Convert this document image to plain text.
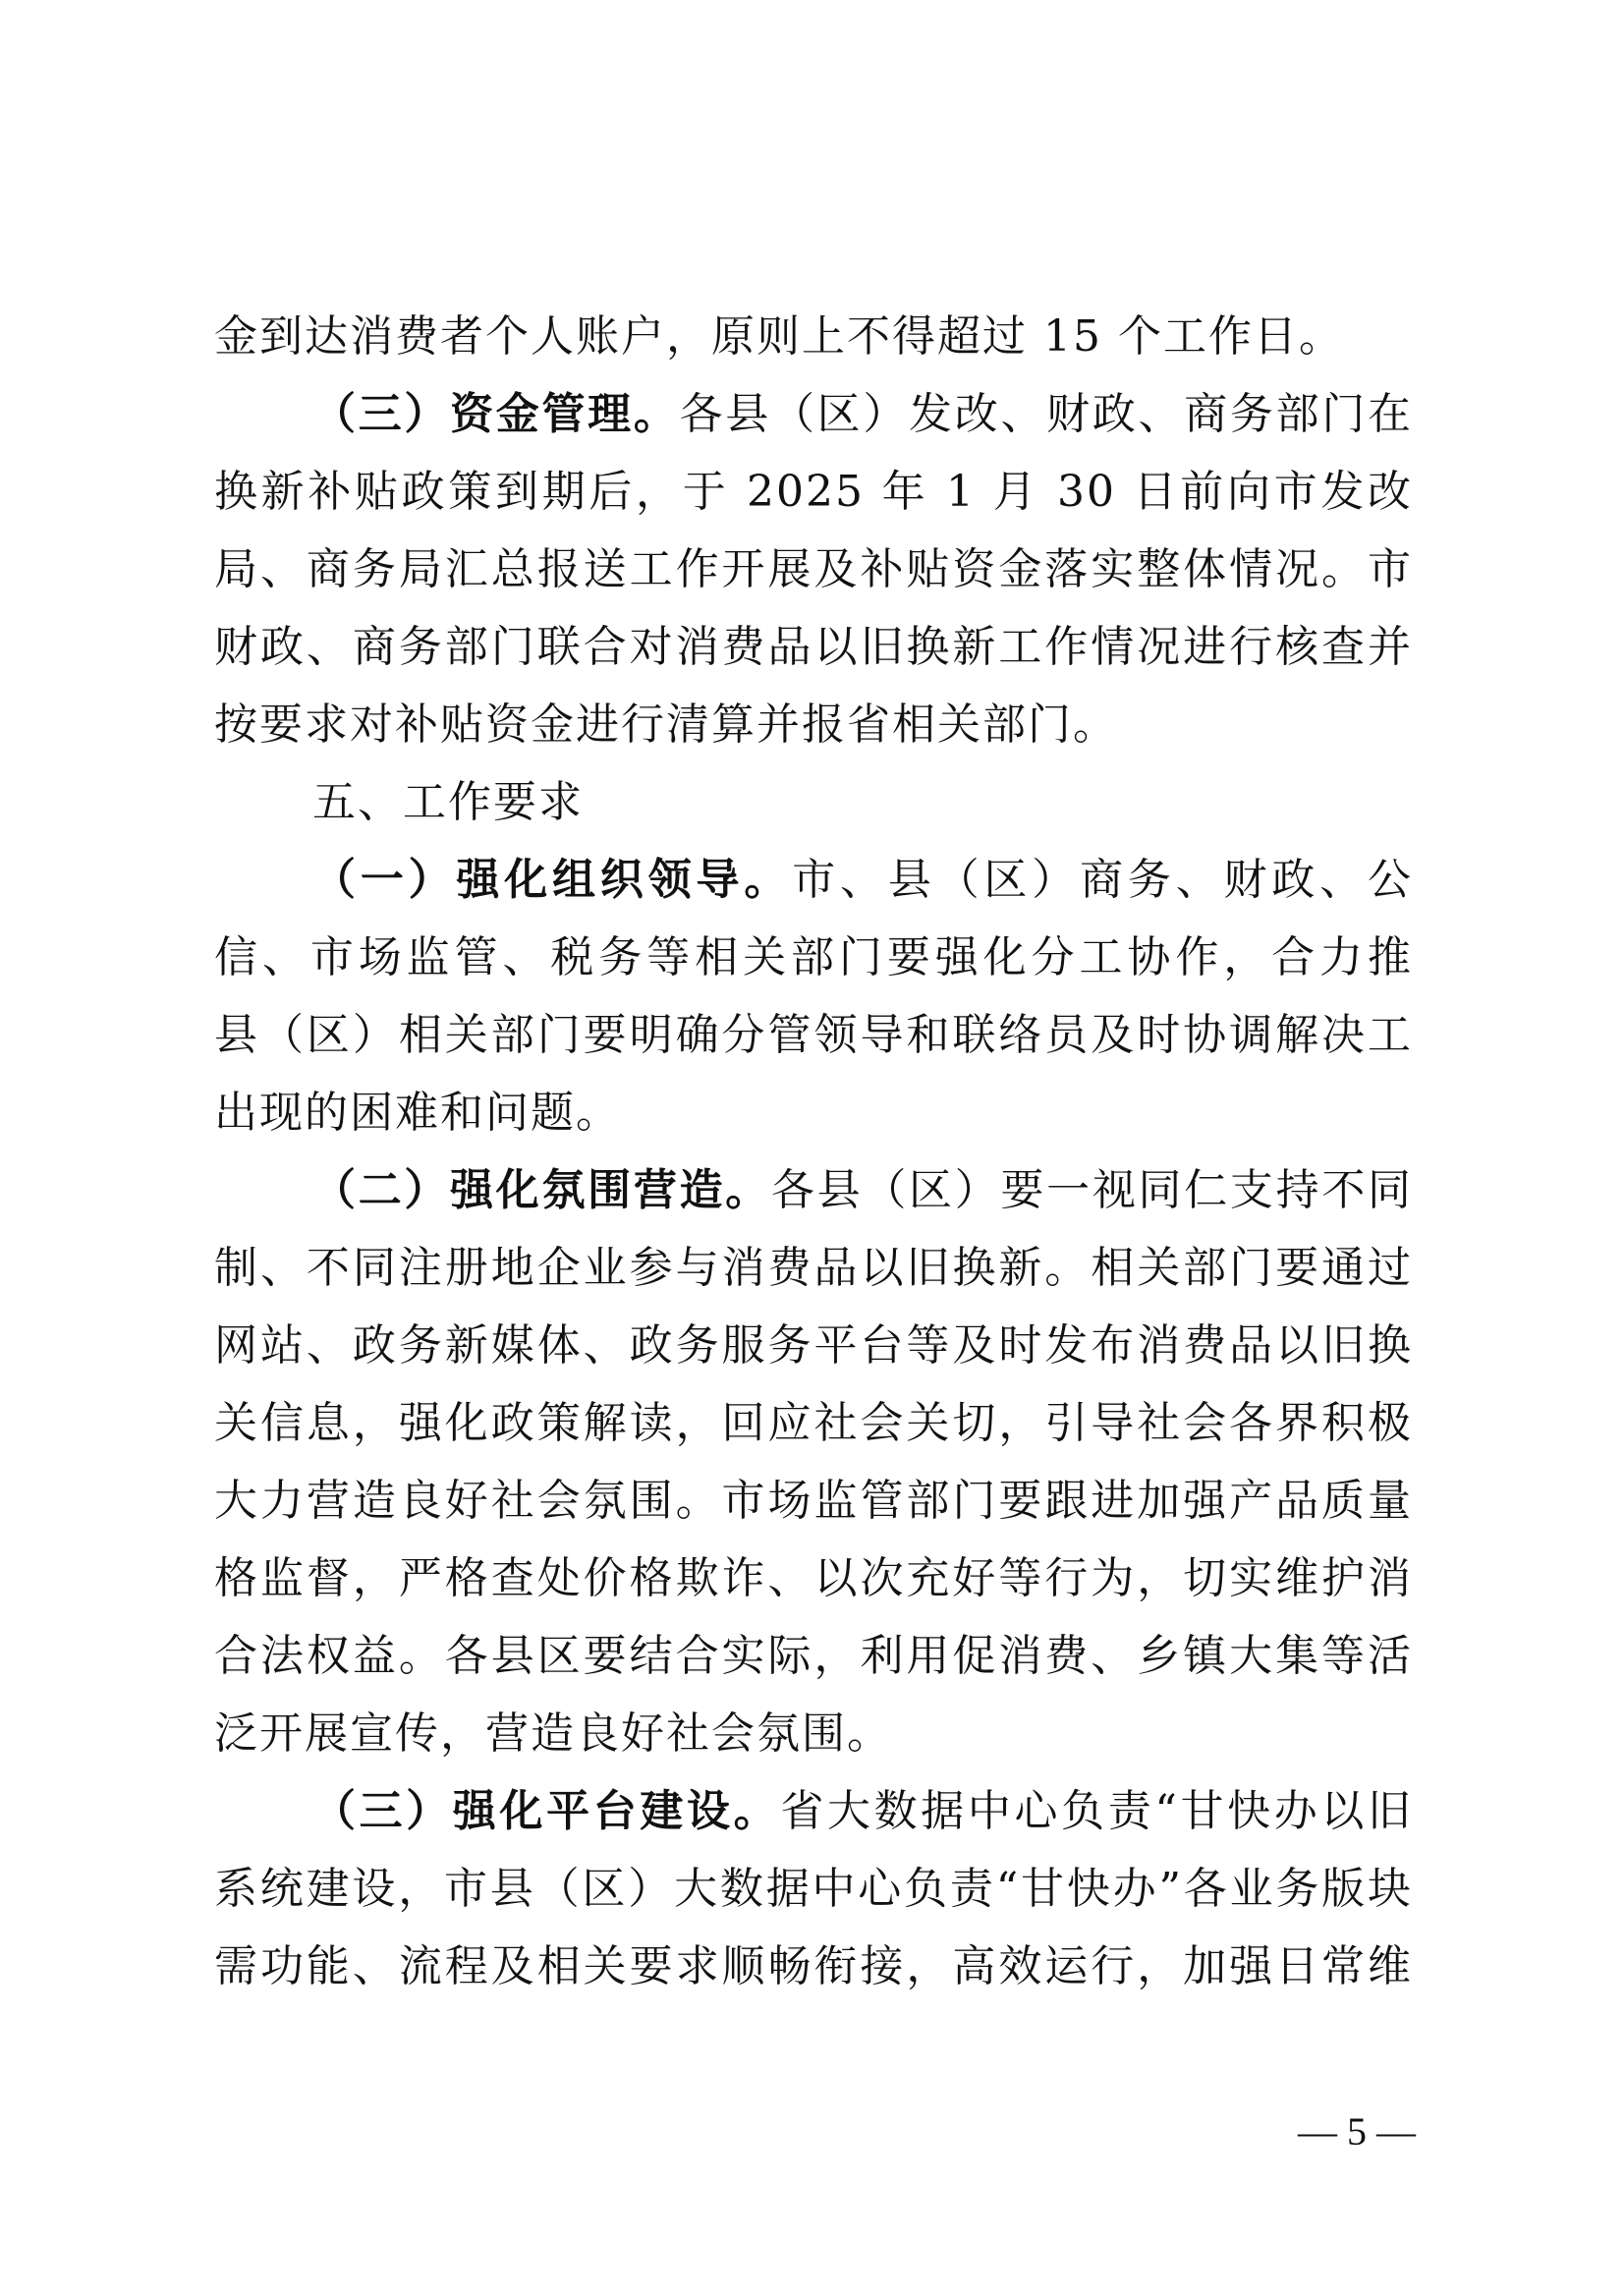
金到达消费者个人账户，原则上不得超过 15 个工作日。
（三）资金管理。各县（区）发改、财政、商务部门在
换新补贴政策到期后，于 2025 年 1 月 30 日前向市发改
局、商务局汇总报送工作开展及补贴资金落实整体情况。市
财政、商务部门联合对消费品以旧换新工作情况进行核查并
按要求对补贴资金进行清算并报省相关部门。
五、工作要求
（一）强化组织领导。市、县（区）商务、财政、公
信、市场监管、税务等相关部门要强化分工协作，合力推
县（区）相关部门要明确分管领导和联络员及时协调解决工
出现的困难和问题。
（二）强化氛围营造。各县（区）要一视同仁支持不同
制、不同注册地企业参与消费品以旧换新。相关部门要通过
网站、政务新媒体、政务服务平台等及时发布消费品以旧换
关信息，强化政策解读，回应社会关切，引导社会各界积极
大力营造良好社会氛围。市场监管部门要跟进加强产品质量
格监督，严格查处价格欺诈、以次充好等行为，切实维护消
合法权益。各县区要结合实际，利用促消费、乡镇大集等活
泛开展宣传，营造良好社会氛围。
（三）强化平台建设。省大数据中心负责“甘快办以旧
系统建设，市县（区）大数据中心负责“甘快办”各业务版块
需功能、流程及相关要求顺畅衔接，高效运行，加强日常维
— 5 —
